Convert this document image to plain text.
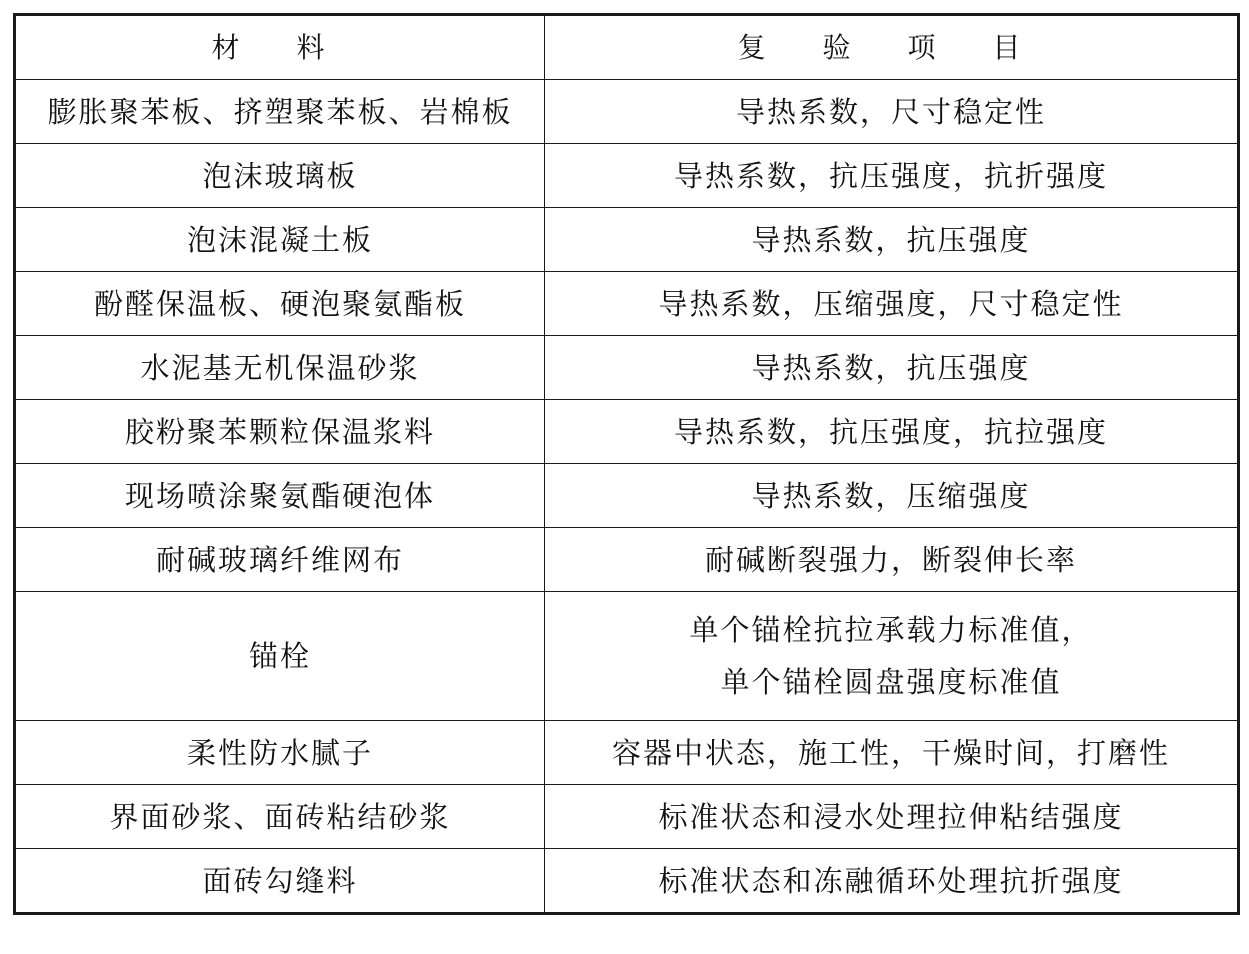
材 料	复 验 项 目
膨胀聚苯板、挤塑聚苯板、岩棉板	导热系数，尺寸稳定性

泡沫玻璃板	导热系数，抗压强度，抗折强度

泡沫混凝土板	导热系数，抗压强度

酚醛保温板、硬泡聚氨酯板	导热系数，压缩强度，尺寸稳定性

水泥基无机保温砂浆	导热系数，抗压强度

胶粉聚苯颗粒保温浆料	导热系数，抗压强度，抗拉强度

现场喷涂聚氨酯硬泡体	导热系数，压缩强度

耐碱玻璃纤维网布	耐碱断裂强力，断裂伸长率

锚栓	单个锚栓抗拉承载力标准值，
单个锚栓圆盘强度标准值

柔性防水腻子	容器中状态，施工性，干燥时间，打磨性

界面砂浆、面砖粘结砂浆	标准状态和浸水处理拉伸粘结强度

面砖勾缝料	标准状态和冻融循环处理抗折强度
